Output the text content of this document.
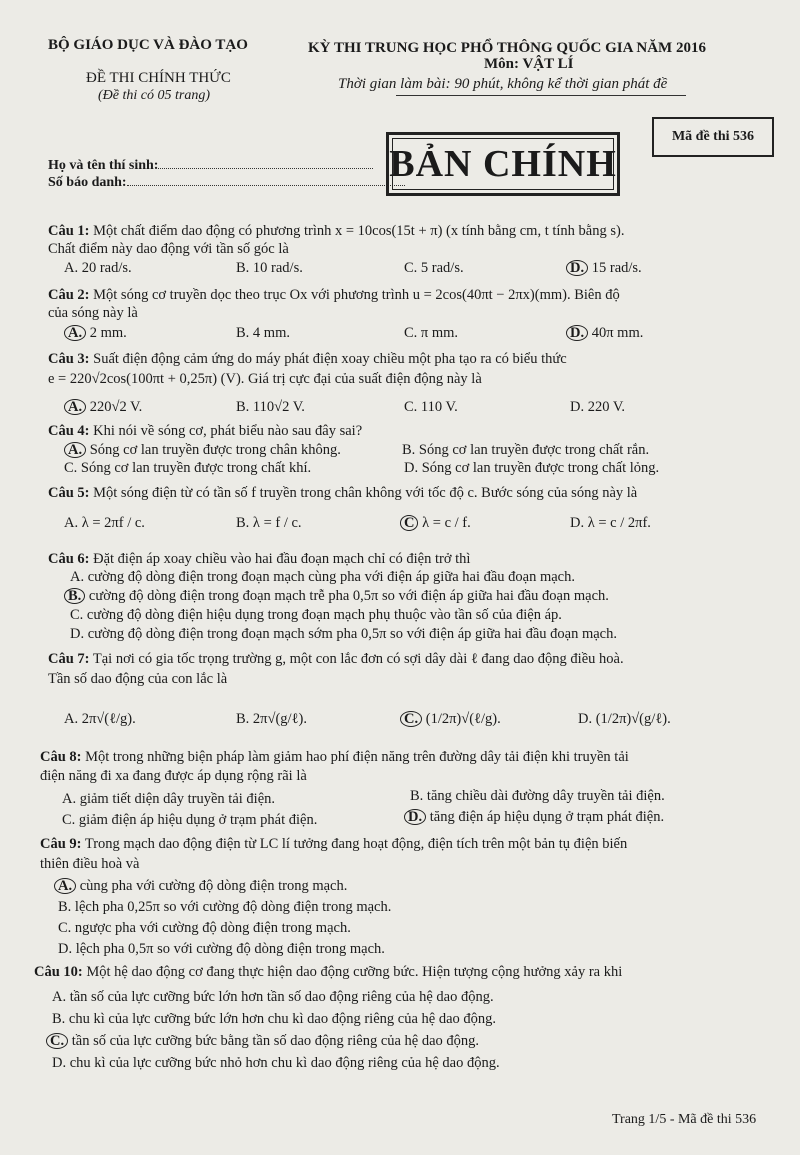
BỘ GIÁO DỤC VÀ ĐÀO TẠO
ĐỀ THI CHÍNH THỨC
(Đề thi có 05 trang)
KỲ THI TRUNG HỌC PHỔ THÔNG QUỐC GIA NĂM 2016
Môn: VẬT LÍ
Thời gian làm bài: 90 phút, không kể thời gian phát đề
Mã đề thi 536
Họ và tên thí sinh:
Số báo danh:	BẢN CHÍNH
Câu 1: Một chất điểm dao động có phương trình x = 10cos(15t + π) (x tính bằng cm, t tính bằng s).
Chất điểm này dao động với tần số góc là
A. 20 rad/s.	B. 10 rad/s.	C. 5 rad/s.	D. 15 rad/s.
Câu 2: Một sóng cơ truyền dọc theo trục Ox với phương trình u = 2cos(40πt − 2πx)(mm). Biên độ
của sóng này là
A. 2 mm.	B. 4 mm.	C. π mm.	D. 40π mm.
Câu 3: Suất điện động cảm ứng do máy phát điện xoay chiều một pha tạo ra có biểu thức
e = 220√2cos(100πt + 0,25π) (V). Giá trị cực đại của suất điện động này là
A. 220√2 V.	B. 110√2 V.	C. 110 V.	D. 220 V.
Câu 4: Khi nói về sóng cơ, phát biểu nào sau đây sai?
A. Sóng cơ lan truyền được trong chân không.	B. Sóng cơ lan truyền được trong chất rắn.
C. Sóng cơ lan truyền được trong chất khí.	D. Sóng cơ lan truyền được trong chất lỏng.
Câu 5: Một sóng điện từ có tần số f truyền trong chân không với tốc độ c. Bước sóng của sóng này là
A. λ = 2πf / c.	B. λ = f / c.	C λ = c / f.	D. λ = c / 2πf.
Câu 6: Đặt điện áp xoay chiều vào hai đầu đoạn mạch chỉ có điện trở thì
A. cường độ dòng điện trong đoạn mạch cùng pha với điện áp giữa hai đầu đoạn mạch.
B. cường độ dòng điện trong đoạn mạch trễ pha 0,5π so với điện áp giữa hai đầu đoạn mạch.
C. cường độ dòng điện hiệu dụng trong đoạn mạch phụ thuộc vào tần số của điện áp.
D. cường độ dòng điện trong đoạn mạch sớm pha 0,5π so với điện áp giữa hai đầu đoạn mạch.
Câu 7: Tại nơi có gia tốc trọng trường g, một con lắc đơn có sợi dây dài ℓ đang dao động điều hoà.
Tần số dao động của con lắc là
A. 2π√(ℓ/g).	B. 2π√(g/ℓ).	C. (1/2π)√(ℓ/g).	D. (1/2π)√(g/ℓ).
Câu 8: Một trong những biện pháp làm giảm hao phí điện năng trên đường dây tải điện khi truyền tải
điện năng đi xa đang được áp dụng rộng rãi là
A. giảm tiết diện dây truyền tải điện.	B. tăng chiều dài đường dây truyền tải điện.
C. giảm điện áp hiệu dụng ở trạm phát điện.	D. tăng điện áp hiệu dụng ở trạm phát điện.
Câu 9: Trong mạch dao động điện từ LC lí tưởng đang hoạt động, điện tích trên một bản tụ điện biến
thiên điều hoà và
A. cùng pha với cường độ dòng điện trong mạch.
B. lệch pha 0,25π so với cường độ dòng điện trong mạch.
C. ngược pha với cường độ dòng điện trong mạch.
D. lệch pha 0,5π so với cường độ dòng điện trong mạch.
Câu 10: Một hệ dao động cơ đang thực hiện dao động cưỡng bức. Hiện tượng cộng hưởng xảy ra khi
A. tần số của lực cưỡng bức lớn hơn tần số dao động riêng của hệ dao động.
B. chu kì của lực cưỡng bức lớn hơn chu kì dao động riêng của hệ dao động.
C. tần số của lực cưỡng bức bằng tần số dao động riêng của hệ dao động.
D. chu kì của lực cưỡng bức nhỏ hơn chu kì dao động riêng của hệ dao động.
Trang 1/5 - Mã đề thi 536
